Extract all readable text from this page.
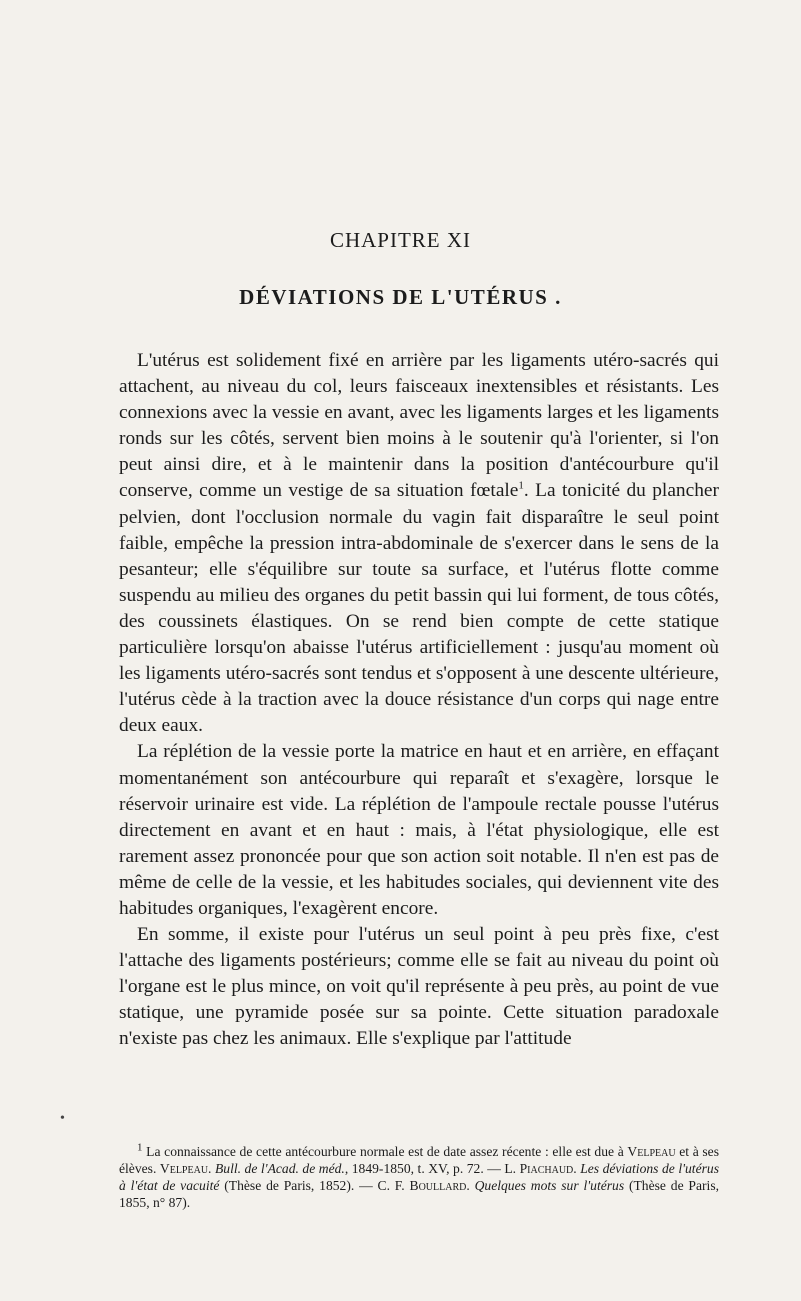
CHAPITRE XI
DÉVIATIONS DE L'UTÉRUS .

L'utérus est solidement fixé en arrière par les ligaments utéro-sacrés qui attachent, au niveau du col, leurs faisceaux inextensibles et résistants. Les connexions avec la vessie en avant, avec les ligaments larges et les ligaments ronds sur les côtés, servent bien moins à le soutenir qu'à l'orienter, si l'on peut ainsi dire, et à le maintenir dans la position d'antécourbure qu'il conserve, comme un vestige de sa situation fœtale$^1$. La tonicité du plancher pelvien, dont l'occlusion normale du vagin fait disparaître le seul point faible, empêche la pression intra-abdominale de s'exercer dans le sens de la pesanteur; elle s'équilibre sur toute sa surface, et l'utérus flotte comme suspendu au milieu des organes du petit bassin qui lui forment, de tous côtés, des coussinets élastiques. On se rend bien compte de cette statique particulière lorsqu'on abaisse l'utérus artificiellement : jusqu'au moment où les ligaments utéro-sacrés sont tendus et s'opposent à une descente ultérieure, l'utérus cède à la traction avec la douce résistance d'un corps qui nage entre deux eaux.

La réplétion de la vessie porte la matrice en haut et en arrière, en effaçant momentanément son antécourbure qui reparaît et s'exagère, lorsque le réservoir urinaire est vide. La réplétion de l'ampoule rectale pousse l'utérus directement en avant et en haut : mais, à l'état physiologique, elle est rarement assez prononcée pour que son action soit notable. Il n'en est pas de même de celle de la vessie, et les habitudes sociales, qui deviennent vite des habitudes organiques, l'exagèrent encore.

En somme, il existe pour l'utérus un seul point à peu près fixe, c'est l'attache des ligaments postérieurs; comme elle se fait au niveau du point où l'organe est le plus mince, on voit qu'il représente à peu près, au point de vue statique, une pyramide posée sur sa pointe. Cette situation paradoxale n'existe pas chez les animaux. Elle s'explique par l'attitude

•
$^1$ La connaissance de cette antécourbure normale est de date assez récente : elle est due à Velpeau et à ses élèves. Velpeau. Bull. de l'Acad. de méd., 1849-1850, t. XV, p. 72. — L. Piachaud. Les déviations de l'utérus à l'état de vacuité (Thèse de Paris, 1852). — C. F. Boullard. Quelques mots sur l'utérus (Thèse de Paris, 1855, n° 87).
